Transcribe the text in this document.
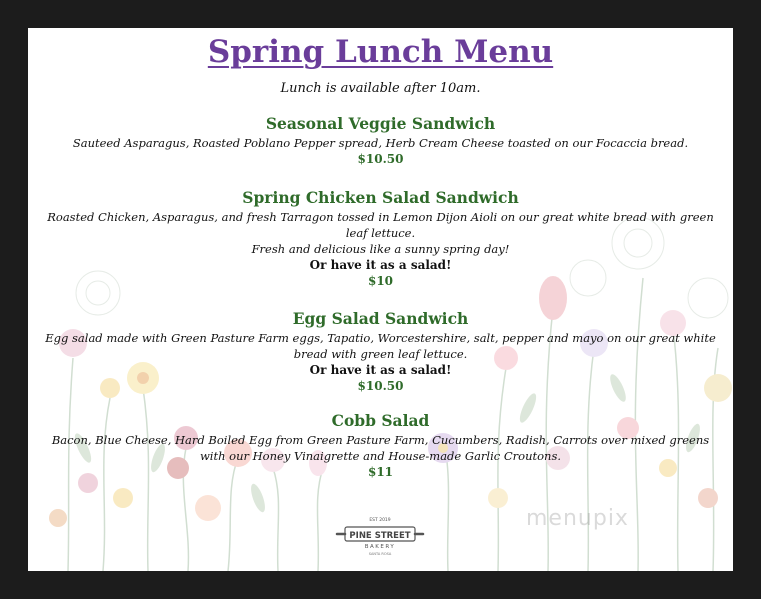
Spring Lunch Menu
Lunch is available after 10am.
Seasonal Veggie Sandwich
Sauteed Asparagus, Roasted Poblano Pepper spread, Herb Cream Cheese toasted on our Focaccia bread.
$10.50
Spring Chicken Salad Sandwich
Roasted Chicken, Asparagus, and fresh Tarragon tossed in Lemon Dijon Aioli on our great white bread with green leaf lettuce.
Fresh and delicious like a sunny spring day!
Or have it as a salad!
$10
Egg Salad Sandwich
Egg salad made with Green Pasture Farm eggs, Tapatio, Worcestershire, salt, pepper and mayo on our great white bread with green leaf lettuce.
Or have it as a salad!
$10.50
Cobb Salad
Bacon, Blue Cheese, Hard Boiled Egg from Green Pasture Farm, Cucumbers, Radish, Carrots over mixed greens with our Honey Vinaigrette and House-made Garlic Croutons.
$11
EST 2019
PINE STREET
BAKERY
SANTA ROSA
menupix
